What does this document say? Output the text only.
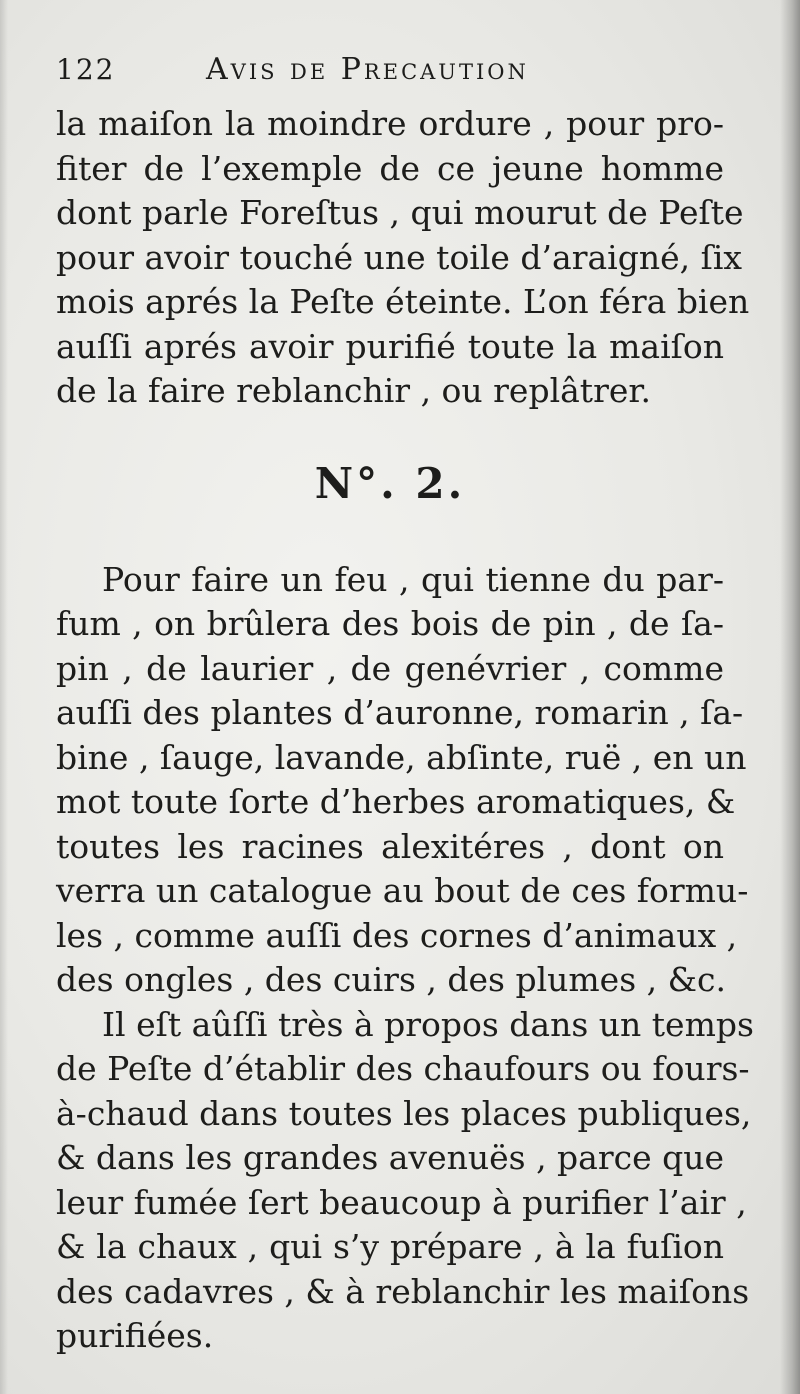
122	Avis de Precaution
la maiſon la moindre ordure , pour pro-
fiter de l’exemple de ce jeune homme
dont parle Foreſtus , qui mourut de Peſte
pour avoir touché une toile d’araigné, ſix
mois aprés la Peſte éteinte. L’on féra bien
auſſi aprés avoir purifié toute la maiſon
de la faire reblanchir , ou replâtrer.
N°. 2.
Pour faire un feu , qui tienne du par-
fum , on brûlera des bois de pin , de ſa-
pin , de laurier , de genévrier , comme
auſſi des plantes d’auronne, romarin , ſa-
bine , ſauge, lavande, abſinte, ruë , en un
mot toute ſorte d’herbes aromatiques, &
toutes les racines alexitéres , dont on
verra un catalogue au bout de ces formu-
les , comme auſſi des cornes d’animaux ,
des ongles , des cuirs , des plumes , &c.
Il eſt aûſſi très à propos dans un temps
de Peſte d’établir des chaufours ou fours-
à-chaud dans toutes les places publiques,
& dans les grandes avenuës , parce que
leur fumée ſert beaucoup à purifier l’air ,
& la chaux , qui s’y prépare , à la fuſion
des cadavres , & à reblanchir les maiſons
purifiées.
